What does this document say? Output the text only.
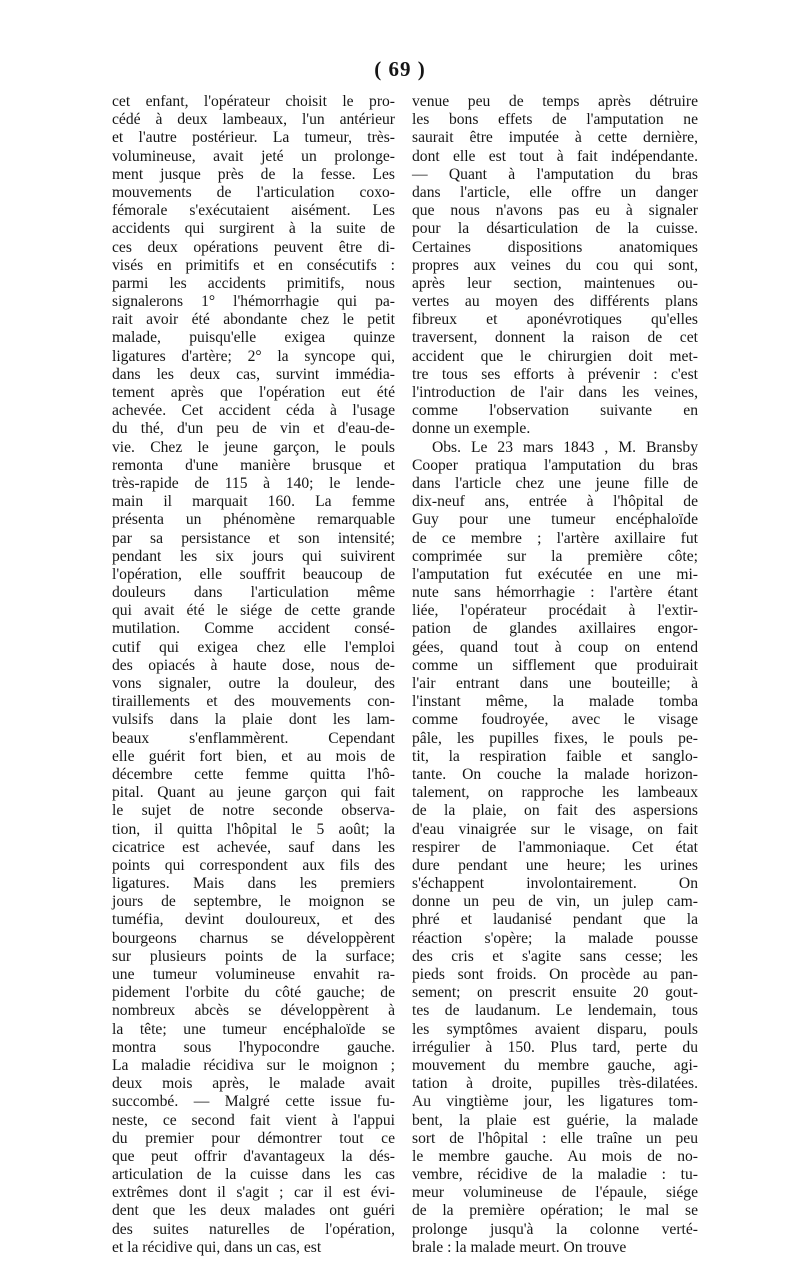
( 69 )
cet enfant, l'opérateur choisit le pro-
cédé à deux lambeaux, l'un antérieur
et l'autre postérieur. La tumeur, très-
volumineuse, avait jeté un prolonge-
ment jusque près de la fesse. Les
mouvements de l'articulation coxo-
fémorale s'exécutaient aisément. Les
accidents qui surgirent à la suite de
ces deux opérations peuvent être di-
visés en primitifs et en consécutifs :
parmi les accidents primitifs, nous
signalerons 1° l'hémorrhagie qui pa-
rait avoir été abondante chez le petit
malade, puisqu'elle exigea quinze
ligatures d'artère; 2° la syncope qui,
dans les deux cas, survint immédia-
tement après que l'opération eut été
achevée. Cet accident céda à l'usage
du thé, d'un peu de vin et d'eau-de-
vie. Chez le jeune garçon, le pouls
remonta d'une manière brusque et
très-rapide de 115 à 140; le lende-
main il marquait 160. La femme
présenta un phénomène remarquable
par sa persistance et son intensité;
pendant les six jours qui suivirent
l'opération, elle souffrit beaucoup de
douleurs dans l'articulation même
qui avait été le siége de cette grande
mutilation. Comme accident consé-
cutif qui exigea chez elle l'emploi
des opiacés à haute dose, nous de-
vons signaler, outre la douleur, des
tiraillements et des mouvements con-
vulsifs dans la plaie dont les lam-
beaux s'enflammèrent. Cependant
elle guérit fort bien, et au mois de
décembre cette femme quitta l'hô-
pital. Quant au jeune garçon qui fait
le sujet de notre seconde observa-
tion, il quitta l'hôpital le 5 août; la
cicatrice est achevée, sauf dans les
points qui correspondent aux fils des
ligatures. Mais dans les premiers
jours de septembre, le moignon se
tuméfia, devint douloureux, et des
bourgeons charnus se développèrent
sur plusieurs points de la surface;
une tumeur volumineuse envahit ra-
pidement l'orbite du côté gauche; de
nombreux abcès se développèrent à
la tête; une tumeur encéphaloïde se
montra sous l'hypocondre gauche.
La maladie récidiva sur le moignon ;
deux mois après, le malade avait
succombé. — Malgré cette issue fu-
neste, ce second fait vient à l'appui
du premier pour démontrer tout ce
que peut offrir d'avantageux la dés-
articulation de la cuisse dans les cas
extrêmes dont il s'agit ; car il est évi-
dent que les deux malades ont guéri
des suites naturelles de l'opération,
et la récidive qui, dans un cas, est
venue peu de temps après détruire
les bons effets de l'amputation ne
saurait être imputée à cette dernière,
dont elle est tout à fait indépendante.
— Quant à l'amputation du bras
dans l'article, elle offre un danger
que nous n'avons pas eu à signaler
pour la désarticulation de la cuisse.
Certaines dispositions anatomiques
propres aux veines du cou qui sont,
après leur section, maintenues ou-
vertes au moyen des différents plans
fibreux et aponévrotiques qu'elles
traversent, donnent la raison de cet
accident que le chirurgien doit met-
tre tous ses efforts à prévenir : c'est
l'introduction de l'air dans les veines,
comme l'observation suivante en
donne un exemple.
Obs. Le 23 mars 1843 , M. Bransby
Cooper pratiqua l'amputation du bras
dans l'article chez une jeune fille de
dix-neuf ans, entrée à l'hôpital de
Guy pour une tumeur encéphaloïde
de ce membre ; l'artère axillaire fut
comprimée sur la première côte;
l'amputation fut exécutée en une mi-
nute sans hémorrhagie : l'artère étant
liée, l'opérateur procédait à l'extir-
pation de glandes axillaires engor-
gées, quand tout à coup on entend
comme un sifflement que produirait
l'air entrant dans une bouteille; à
l'instant même, la malade tomba
comme foudroyée, avec le visage
pâle, les pupilles fixes, le pouls pe-
tit, la respiration faible et sanglo-
tante. On couche la malade horizon-
talement, on rapproche les lambeaux
de la plaie, on fait des aspersions
d'eau vinaigrée sur le visage, on fait
respirer de l'ammoniaque. Cet état
dure pendant une heure; les urines
s'échappent involontairement. On
donne un peu de vin, un julep cam-
phré et laudanisé pendant que la
réaction s'opère; la malade pousse
des cris et s'agite sans cesse; les
pieds sont froids. On procède au pan-
sement; on prescrit ensuite 20 gout-
tes de laudanum. Le lendemain, tous
les symptômes avaient disparu, pouls
irrégulier à 150. Plus tard, perte du
mouvement du membre gauche, agi-
tation à droite, pupilles très-dilatées.
Au vingtième jour, les ligatures tom-
bent, la plaie est guérie, la malade
sort de l'hôpital : elle traîne un peu
le membre gauche. Au mois de no-
vembre, récidive de la maladie : tu-
meur volumineuse de l'épaule, siége
de la première opération; le mal se
prolonge jusqu'à la colonne verté-
brale : la malade meurt. On trouve
